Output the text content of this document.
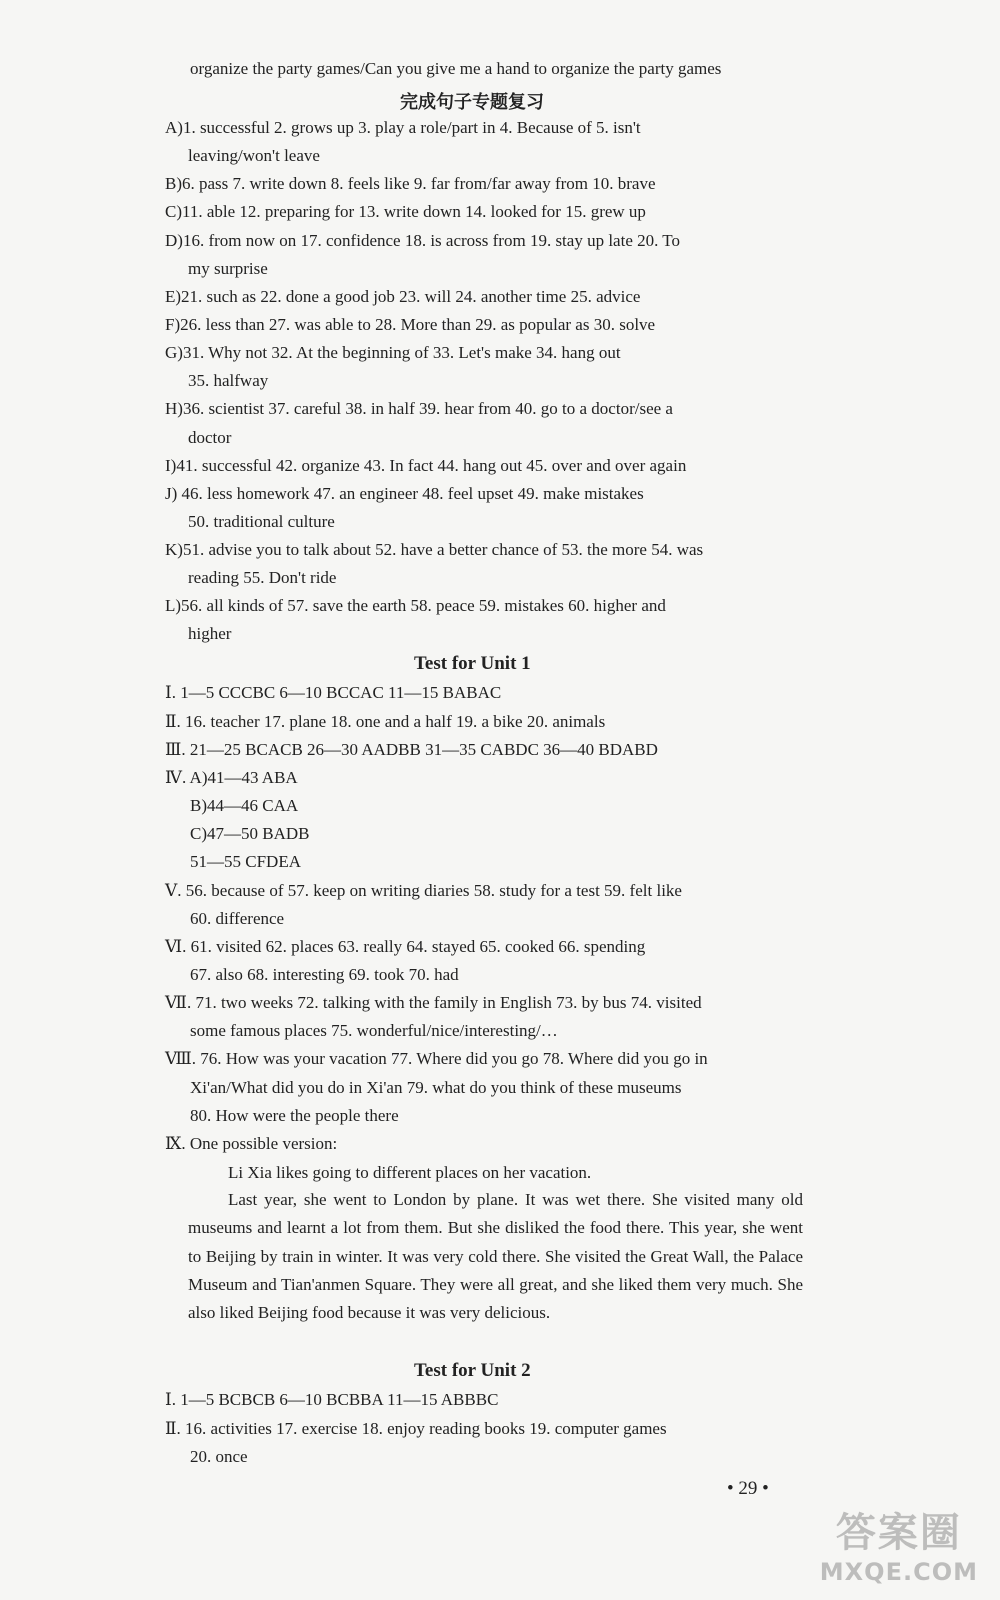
organize the party games/Can you give me a hand to organize the party games
完成句子专题复习
A)1. successful 2. grows up 3. play a role/part in 4. Because of 5. isn't
leaving/won't leave
B)6. pass 7. write down 8. feels like 9. far from/far away from 10. brave
C)11. able 12. preparing for 13. write down 14. looked for 15. grew up
D)16. from now on 17. confidence 18. is across from 19. stay up late 20. To
my surprise
E)21. such as 22. done a good job 23. will 24. another time 25. advice
F)26. less than 27. was able to 28. More than 29. as popular as 30. solve
G)31. Why not 32. At the beginning of 33. Let's make 34. hang out
35. halfway
H)36. scientist 37. careful 38. in half 39. hear from 40. go to a doctor/see a
doctor
I)41. successful 42. organize 43. In fact 44. hang out 45. over and over again
J) 46. less homework 47. an engineer 48. feel upset 49. make mistakes
50. traditional culture
K)51. advise you to talk about 52. have a better chance of 53. the more 54. was
reading 55. Don't ride
L)56. all kinds of 57. save the earth 58. peace 59. mistakes 60. higher and
higher
Test for Unit 1
Ⅰ. 1—5 CCCBC 6—10 BCCAC 11—15 BABAC
Ⅱ. 16. teacher 17. plane 18. one and a half 19. a bike 20. animals
Ⅲ. 21—25 BCACB 26—30 AADBB 31—35 CABDC 36—40 BDABD
Ⅳ. A)41—43 ABA
B)44—46 CAA
C)47—50 BADB
51—55 CFDEA
Ⅴ. 56. because of 57. keep on writing diaries 58. study for a test 59. felt like
60. difference
Ⅵ. 61. visited 62. places 63. really 64. stayed 65. cooked 66. spending
67. also 68. interesting 69. took 70. had
Ⅶ. 71. two weeks 72. talking with the family in English 73. by bus 74. visited
some famous places 75. wonderful/nice/interesting/…
Ⅷ. 76. How was your vacation 77. Where did you go 78. Where did you go in
Xi'an/What did you do in Xi'an 79. what do you think of these museums
80. How were the people there
Ⅸ. One possible version:
Li Xia likes going to different places on her vacation.
Last year, she went to London by plane. It was wet there. She visited many old museums and learnt a lot from them. But she disliked the food there. This year, she went to Beijing by train in winter. It was very cold there. She visited the Great Wall, the Palace Museum and Tian'anmen Square. They were all great, and she liked them very much. She also liked Beijing food because it was very delicious.
Test for Unit 2
Ⅰ. 1—5 BCBCB 6—10 BCBBA 11—15 ABBBC
Ⅱ. 16. activities 17. exercise 18. enjoy reading books 19. computer games
20. once
• 29 •
答案圈
MXQE.COM
